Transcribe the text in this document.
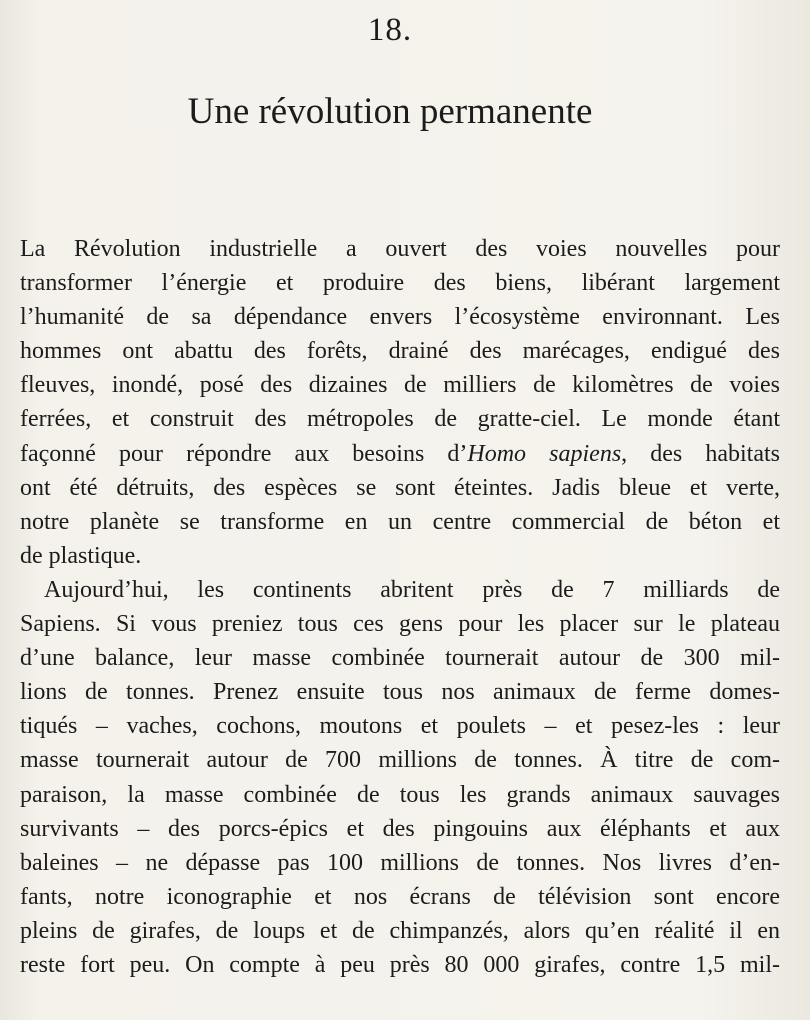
18.
Une révolution permanente

La Révolution industrielle a ouvert des voies nouvelles pour
transformer l’énergie et produire des biens, libérant largement
l’humanité de sa dépendance envers l’écosystème environnant. Les
hommes ont abattu des forêts, drainé des marécages, endigué des
fleuves, inondé, posé des dizaines de milliers de kilomètres de voies
ferrées, et construit des métropoles de gratte-ciel. Le monde étant
façonné pour répondre aux besoins d’Homo sapiens, des habitats
ont été détruits, des espèces se sont éteintes. Jadis bleue et verte,
notre planète se transforme en un centre commercial de béton et
de plastique.

Aujourd’hui, les continents abritent près de 7 milliards de
Sapiens. Si vous preniez tous ces gens pour les placer sur le plateau
d’une balance, leur masse combinée tournerait autour de 300 mil-
lions de tonnes. Prenez ensuite tous nos animaux de ferme domes-
tiqués – vaches, cochons, moutons et poulets – et pesez-les : leur
masse tournerait autour de 700 millions de tonnes. À titre de com-
paraison, la masse combinée de tous les grands animaux sauvages
survivants – des porcs-épics et des pingouins aux éléphants et aux
baleines – ne dépasse pas 100 millions de tonnes. Nos livres d’en-
fants, notre iconographie et nos écrans de télévision sont encore
pleins de girafes, de loups et de chimpanzés, alors qu’en réalité il en
reste fort peu. On compte à peu près 80 000 girafes, contre 1,5 mil-
